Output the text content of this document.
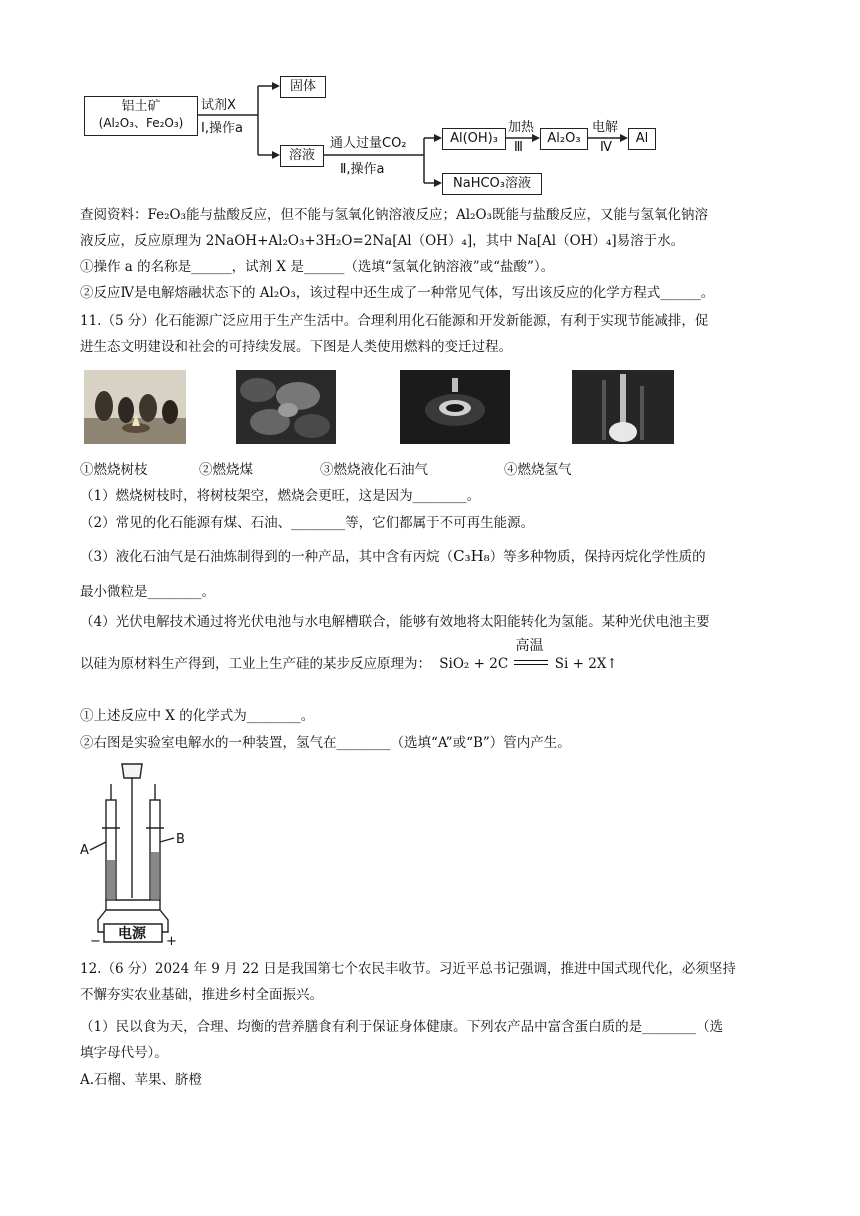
铝土矿
(Al₂O₃、Fe₂O₃)
试剂X
Ⅰ,操作a
固体
溶液
通人过量CO₂
Ⅱ,操作a
Al(OH)₃
加热
Ⅲ
Al₂O₃
电解
Ⅳ
Al
NaHCO₃溶液
查阅资料：Fe₂O₃能与盐酸反应，但不能与氢氧化钠溶液反应；Al₂O₃既能与盐酸反应，又能与氢氧化钠溶
液反应，反应原理为 2NaOH+Al₂O₃+3H₂O=2Na[Al（OH）₄]，其中 Na[Al（OH）₄]易溶于水。
①操作 a 的名称是______，试剂 X 是______（选填“氢氧化钠溶液”或“盐酸”）。
②反应Ⅳ是电解熔融状态下的 Al₂O₃，该过程中还生成了一种常见气体，写出该反应的化学方程式______。
11.（5 分）化石能源广泛应用于生产生活中。合理利用化石能源和开发新能源，有利于实现节能减排，促
进生态文明建设和社会的可持续发展。下图是人类使用燃料的变迁过程。
①燃烧树枝	②燃烧煤	③燃烧液化石油气	④燃烧氢气
（1）燃烧树枝时，将树枝架空，燃烧会更旺，这是因为________。
（2）常见的化石能源有煤、石油、________等，它们都属于不可再生能源。
（3）液化石油气是石油炼制得到的一种产品，其中含有丙烷（C₃H₈）等多种物质，保持丙烷化学性质的
最小微粒是________。
（4）光伏电解技术通过将光伏电池与水电解槽联合，能够有效地将太阳能转化为氢能。某种光伏电池主要
以硅为原材料生产得到，工业上生产硅的某步反应原理为： SiO₂ + 2C
高温
Si + 2X↑
①上述反应中 X 的化学式为________。
②右图是实验室电解水的一种装置，氢气在________（选填“A”或“B”）管内产生。
A
B
电源
−	+
12.（6 分）2024 年 9 月 22 日是我国第七个农民丰收节。习近平总书记强调，推进中国式现代化，必须坚持
不懈夯实农业基础，推进乡村全面振兴。
（1）民以食为天，合理、均衡的营养膳食有利于保证身体健康。下列农产品中富含蛋白质的是________（选
填字母代号）。
A.石榴、苹果、脐橙
